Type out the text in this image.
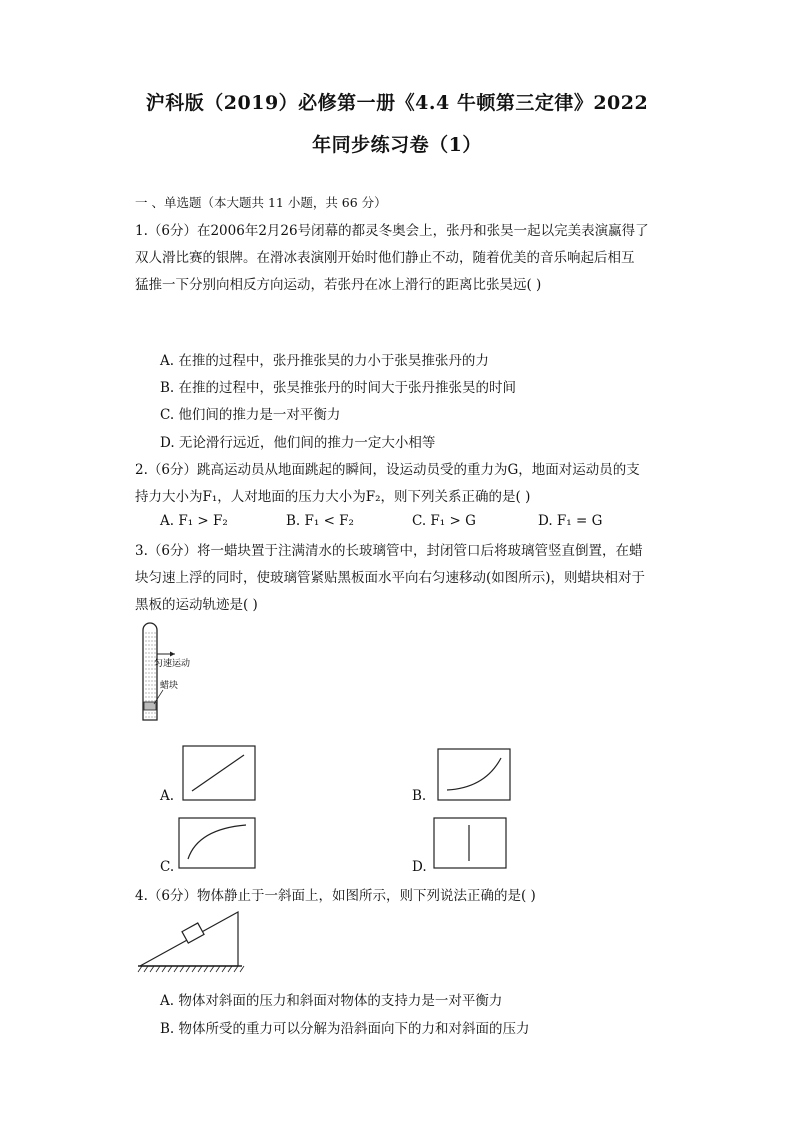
沪科版（2019）必修第一册《4.4 牛顿第三定律》2022
年同步练习卷（1）
一 、单选题（本大题共 11 小题，共 66 分）
1.（6分）在2006年2月26号闭幕的都灵冬奥会上，张丹和张昊一起以完美表演赢得了
双人滑比赛的银牌。在滑冰表演刚开始时他们静止不动，随着优美的音乐响起后相互
猛推一下分别向相反方向运动，若张丹在冰上滑行的距离比张昊远( )
A. 在推的过程中，张丹推张昊的力小于张昊推张丹的力
B. 在推的过程中，张昊推张丹的时间大于张丹推张昊的时间
C. 他们间的推力是一对平衡力
D. 无论滑行远近，他们间的推力一定大小相等
2.（6分）跳高运动员从地面跳起的瞬间，设运动员受的重力为G，地面对运动员的支
持力大小为F₁，人对地面的压力大小为F₂，则下列关系正确的是( )
A. F₁ > F₂	B. F₁ < F₂	C. F₁ > G	D. F₁ = G
3.（6分）将一蜡块置于注满清水的长玻璃管中，封闭管口后将玻璃管竖直倒置，在蜡
块匀速上浮的同时，使玻璃管紧贴黑板面水平向右匀速移动(如图所示)，则蜡块相对于
黑板的运动轨迹是( )
匀速运动
蜡块
A.	B.
C.	D.
4.（6分）物体静止于一斜面上，如图所示，则下列说法正确的是( )
A. 物体对斜面的压力和斜面对物体的支持力是一对平衡力
B. 物体所受的重力可以分解为沿斜面向下的力和对斜面的压力
